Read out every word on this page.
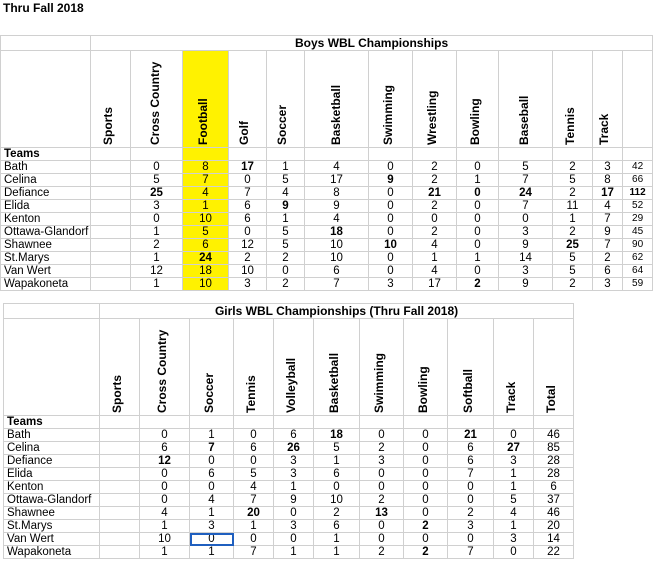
Thru Fall 2018
	Boys WBL Championships												

	Sports	Cross Country	Football	Golf	Soccer	Basketball	Swimming	Wrestling	Bowling	Baseball	Tennis	Track	

Teams													
Bath		0	8	17	1	4	0	2	0	5	2	3	42
Celina		5	7	0	5	17	9	2	1	7	5	8	66
Defiance		25	4	7	4	8	0	21	0	24	2	17	112
Elida		3	1	6	9	9	0	2	0	7	11	4	52
Kenton		0	10	6	1	4	0	0	0	0	1	7	29
Ottawa-Glandorf		1	5	0	5	18	0	2	0	3	2	9	45
Shawnee		2	6	12	5	10	10	4	0	9	25	7	90
St.Marys		1	24	2	2	10	0	1	1	14	5	2	62
Van Wert		12	18	10	0	6	0	4	0	3	5	6	64
Wapakoneta		1	10	3	2	7	3	17	2	9	2	3	59
	Girls WBL Championships (Thru Fall 2018)										

	Sports	Cross Country	Soccer	Tennis	Volleyball	Basketball	Swimming	Bowling	Softball	Track	Total

Teams											
Bath		0	1	0	6	18	0	0	21	0	46
Celina		6	7	6	26	5	2	0	6	27	85
Defiance		12	0	0	3	1	3	0	6	3	28
Elida		0	6	5	3	6	0	0	7	1	28
Kenton		0	0	4	1	0	0	0	0	1	6
Ottawa-Glandorf		0	4	7	9	10	2	0	0	5	37
Shawnee		4	1	20	0	2	13	0	2	4	46
St.Marys		1	3	1	3	6	0	2	3	1	20
Van Wert		10	0	0	0	1	0	0	0	3	14
Wapakoneta		1	1	7	1	1	2	2	7	0	22
